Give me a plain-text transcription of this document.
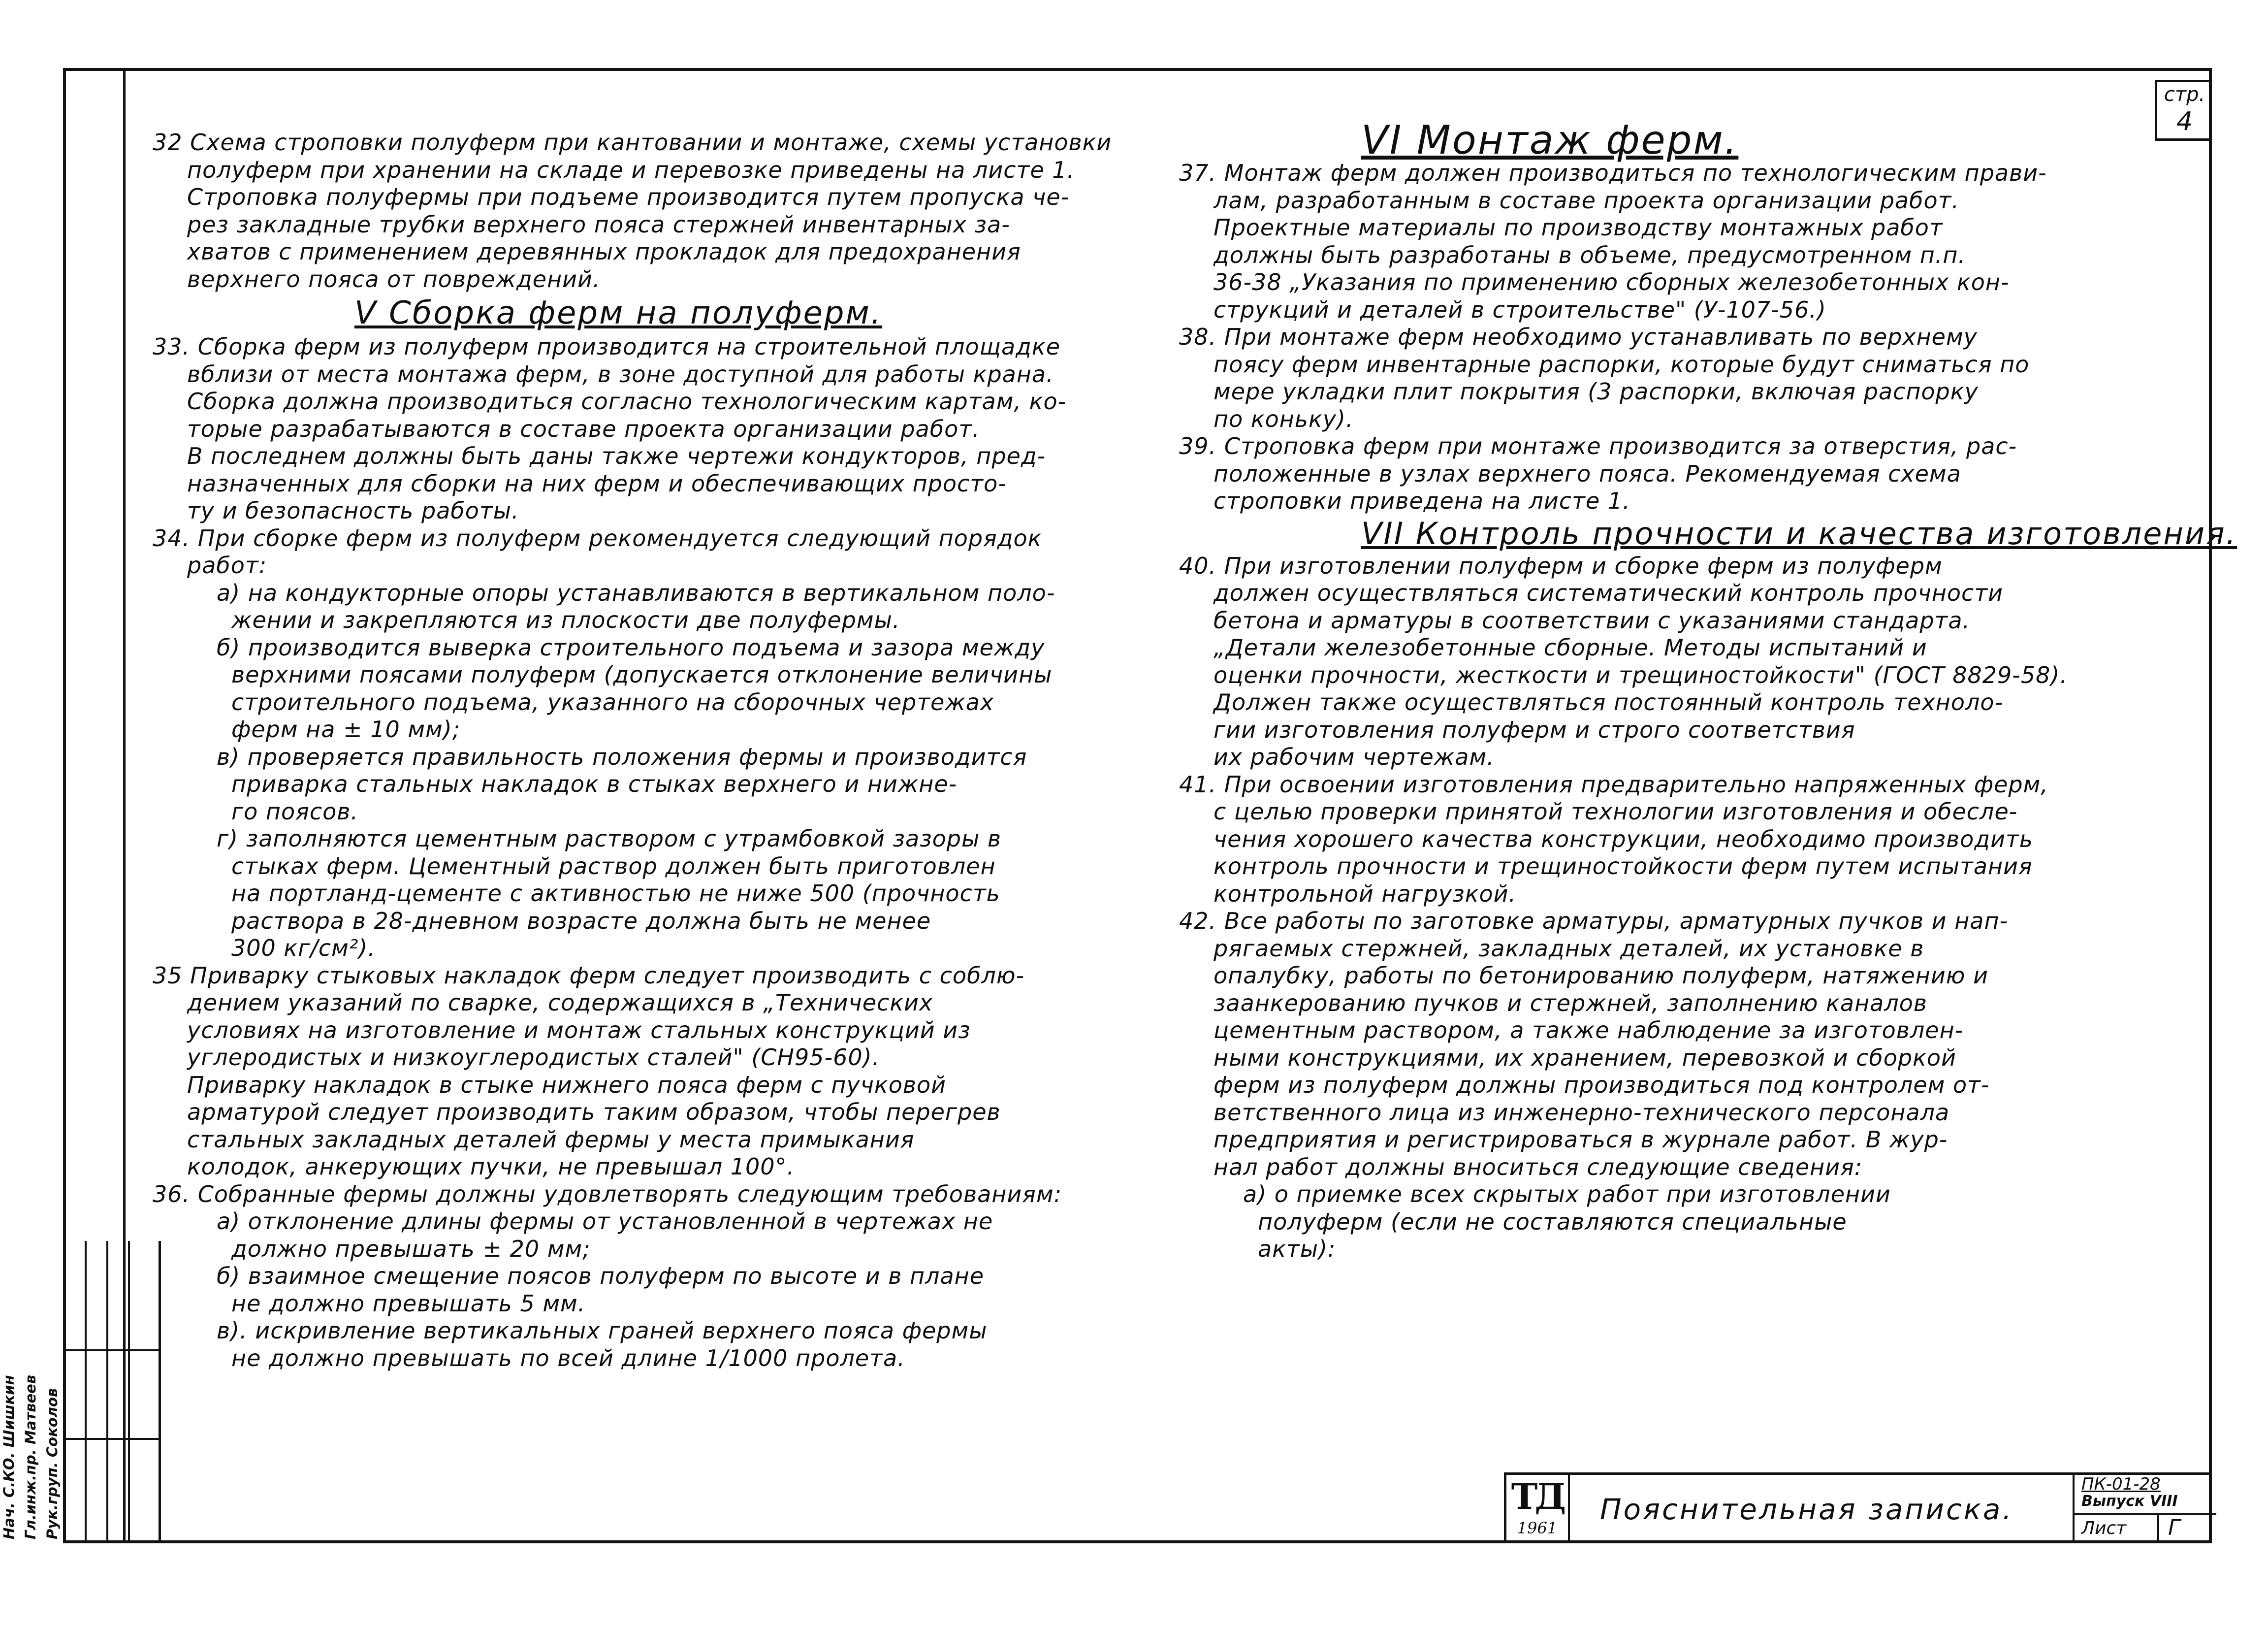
Нач. С.КО. Шишкин Гл.инж.пр. Матвеев Рук.груп. Соколов
стр.
4
32 Схема строповки полуферм при кантовании и монтаже, схемы установки
полуферм при хранении на складе и перевозке приведены на листе 1.
Строповка полуфермы при подъеме производится путем пропуска че-
рез закладные трубки верхнего пояса стержней инвентарных за-
хватов с применением деревянных прокладок для предохранения
верхнего пояса от повреждений.
V Сборка ферм на полуферм.
33. Сборка ферм из полуферм производится на строительной площадке
вблизи от места монтажа ферм, в зоне доступной для работы крана.
Сборка должна производиться согласно технологическим картам, ко-
торые разрабатываются в составе проекта организации работ.
В последнем должны быть даны также чертежи кондукторов, пред-
назначенных для сборки на них ферм и обеспечивающих просто-
ту и безопасность работы.
34. При сборке ферм из полуферм рекомендуется следующий порядок
работ:
а) на кондукторные опоры устанавливаются в вертикальном поло-
жении и закрепляются из плоскости две полуфермы.
б) производится выверка строительного подъема и зазора между
верхними поясами полуферм (допускается отклонение величины
строительного подъема, указанного на сборочных чертежах
ферм на ± 10 мм);
в) проверяется правильность положения фермы и производится
приварка стальных накладок в стыках верхнего и нижне-
го поясов.
г) заполняются цементным раствором с утрамбовкой зазоры в
стыках ферм. Цементный раствор должен быть приготовлен
на портланд-цементе с активностью не ниже 500 (прочность
раствора в 28-дневном возрасте должна быть не менее
300 кг/см²).
35 Приварку стыковых накладок ферм следует производить с соблю-
дением указаний по сварке, содержащихся в „Технических
условиях на изготовление и монтаж стальных конструкций из
углеродистых и низкоуглеродистых сталей" (СН95-60).
Приварку накладок в стыке нижнего пояса ферм с пучковой
арматурой следует производить таким образом, чтобы перегрев
стальных закладных деталей фермы у места примыкания
колодок, анкерующих пучки, не превышал 100°.
36. Собранные фермы должны удовлетворять следующим требованиям:
а) отклонение длины фермы от установленной в чертежах не
должно превышать ± 20 мм;
б) взаимное смещение поясов полуферм по высоте и в плане
не должно превышать 5 мм.
в). искривление вертикальных граней верхнего пояса фермы
не должно превышать по всей длине 1/1000 пролета.
VI Монтаж ферм.
37. Монтаж ферм должен производиться по технологическим прави-
лам, разработанным в составе проекта организации работ.
Проектные материалы по производству монтажных работ
должны быть разработаны в объеме, предусмотренном п.п.
36-38 „Указания по применению сборных железобетонных кон-
струкций и деталей в строительстве" (У-107-56.)
38. При монтаже ферм необходимо устанавливать по верхнему
поясу ферм инвентарные распорки, которые будут сниматься по
мере укладки плит покрытия (3 распорки, включая распорку
по коньку).
39. Строповка ферм при монтаже производится за отверстия, рас-
положенные в узлах верхнего пояса. Рекомендуемая схема
строповки приведена на листе 1.
VII Контроль прочности и качества изготовления.
40. При изготовлении полуферм и сборке ферм из полуферм
должен осуществляться систематический контроль прочности
бетона и арматуры в соответствии с указаниями стандарта.
„Детали железобетонные сборные. Методы испытаний и
оценки прочности, жесткости и трещиностойкости" (ГОСТ 8829-58).
Должен также осуществляться постоянный контроль техноло-
гии изготовления полуферм и строго соответствия
их рабочим чертежам.
41. При освоении изготовления предварительно напряженных ферм,
с целью проверки принятой технологии изготовления и обесле-
чения хорошего качества конструкции, необходимо производить
контроль прочности и трещиностойкости ферм путем испытания
контрольной нагрузкой.
42. Все работы по заготовке арматуры, арматурных пучков и нап-
рягаемых стержней, закладных деталей, их установке в
опалубку, работы по бетонированию полуферм, натяжению и
заанкерованию пучков и стержней, заполнению каналов
цементным раствором, а также наблюдение за изготовлен-
ными конструкциями, их хранением, перевозкой и сборкой
ферм из полуферм должны производиться под контролем от-
ветственного лица из инженерно-технического персонала
предприятия и регистрироваться в журнале работ. В жур-
нал работ должны вноситься следующие сведения:
а) о приемке всех скрытых работ при изготовлении
полуферм (если не составляются специальные
акты):
ТД
1961
Пояснительная записка.
ПК-01-28
Выпуск VIII
Лист Г
